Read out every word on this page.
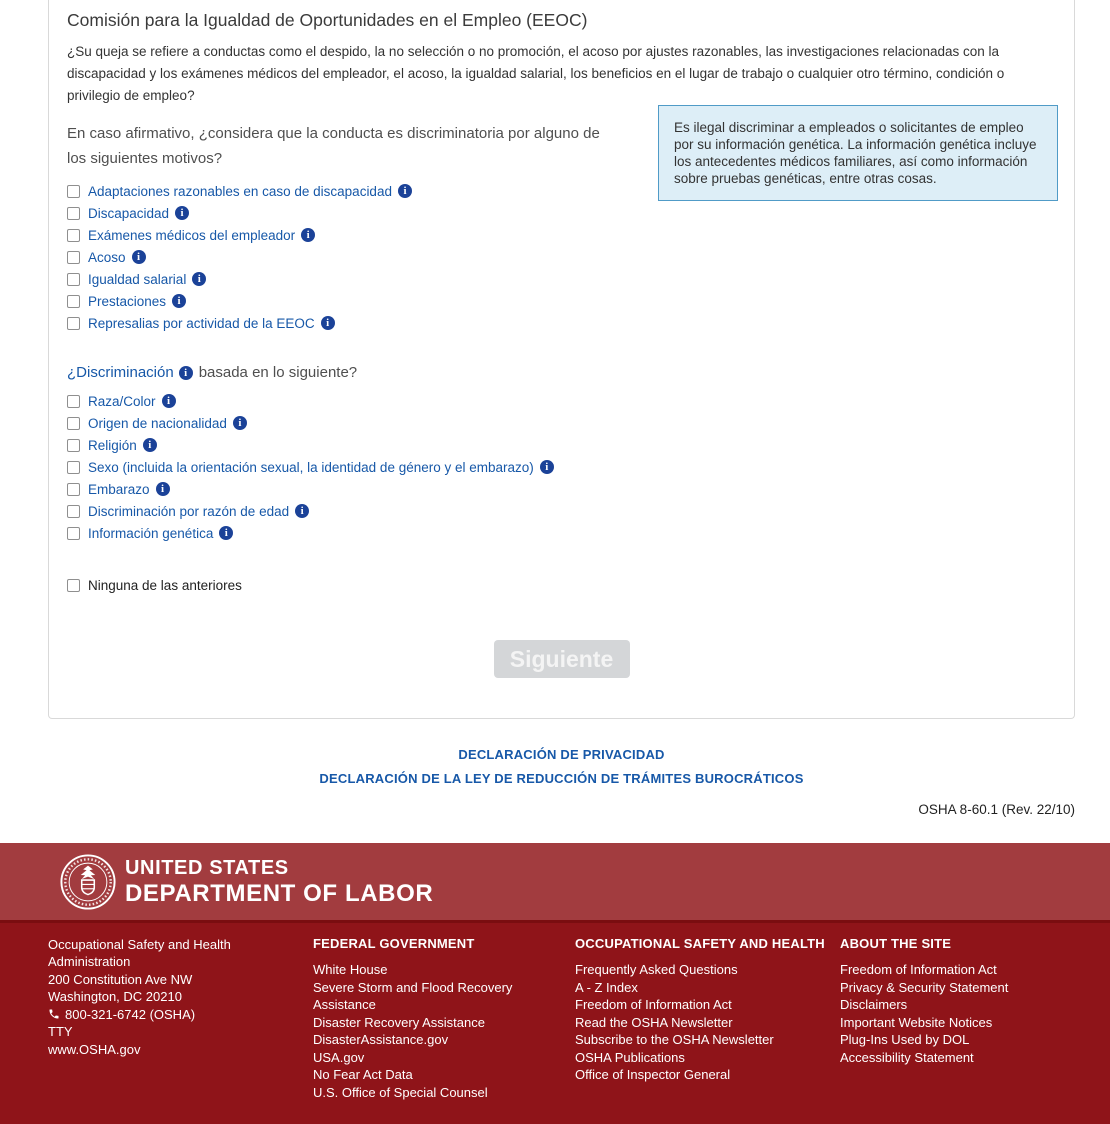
Comisión para la Igualdad de Oportunidades en el Empleo (EEOC)
¿Su queja se refiere a conductas como el despido, la no selección o no promoción, el acoso por ajustes razonables, las investigaciones relacionadas con la discapacidad y los exámenes médicos del empleador, el acoso, la igualdad salarial, los beneficios en el lugar de trabajo o cualquier otro término, condición o privilegio de empleo?
En caso afirmativo, ¿considera que la conducta es discriminatoria por alguno de los siguientes motivos?
Adaptaciones razonables en caso de discapacidad	i
Discapacidad	i
Exámenes médicos del empleador	i
Acoso	i
Igualdad salarial	i
Prestaciones	i
Represalias por actividad de la EEOC	i
¿Discriminación i basada en lo siguiente?
Raza/Color	i
Origen de nacionalidad	i
Religión	i
Sexo (incluida la orientación sexual, la identidad de género y el embarazo)	i
Embarazo	i
Discriminación por razón de edad	i
Información genética	i
Ninguna de las anteriores
Siguiente
Es ilegal discriminar a empleados o solicitantes de empleo por su información genética. La información genética incluye los antecedentes médicos familiares, así como información sobre pruebas genéticas, entre otras cosas.
DECLARACIÓN DE PRIVACIDAD
DECLARACIÓN DE LA LEY DE REDUCCIÓN DE TRÁMITES BUROCRÁTICOS
OSHA 8-60.1 (Rev. 22/10)
UNITED STATES
DEPARTMENT OF LABOR
Occupational Safety and Health Administration
200 Constitution Ave NW
Washington, DC 20210
800-321-6742 (OSHA)
TTY
www.OSHA.gov
FEDERAL GOVERNMENT
White House
Severe Storm and Flood Recovery Assistance
Disaster Recovery Assistance
DisasterAssistance.gov
USA.gov
No Fear Act Data
U.S. Office of Special Counsel
OCCUPATIONAL SAFETY AND HEALTH
Frequently Asked Questions
A - Z Index
Freedom of Information Act
Read the OSHA Newsletter
Subscribe to the OSHA Newsletter
OSHA Publications
Office of Inspector General
ABOUT THE SITE
Freedom of Information Act
Privacy & Security Statement
Disclaimers
Important Website Notices
Plug-Ins Used by DOL
Accessibility Statement
